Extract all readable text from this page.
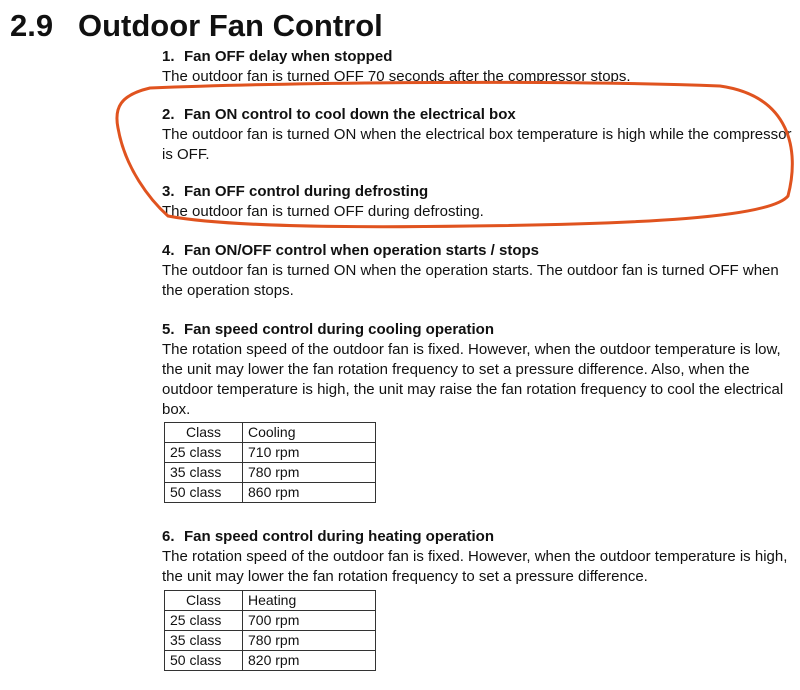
2.9 Outdoor Fan Control

1. Fan OFF delay when stopped

The outdoor fan is turned OFF 70 seconds after the compressor stops.

2. Fan ON control to cool down the electrical box

The outdoor fan is turned ON when the electrical box temperature is high while the compressor is OFF.

3. Fan OFF control during defrosting

The outdoor fan is turned OFF during defrosting.

4. Fan ON/OFF control when operation starts / stops

The outdoor fan is turned ON when the operation starts. The outdoor fan is turned OFF when the operation stops.

5. Fan speed control during cooling operation

The rotation speed of the outdoor fan is fixed. However, when the outdoor temperature is low, the unit may lower the fan rotation frequency to set a pressure difference. Also, when the outdoor temperature is high, the unit may raise the fan rotation frequency to cool the electrical box.

Class	Cooling
25 class	710 rpm
35 class	780 rpm
50 class	860 rpm

6. Fan speed control during heating operation

The rotation speed of the outdoor fan is fixed. However, when the outdoor temperature is high, the unit may lower the fan rotation frequency to set a pressure difference.

Class	Heating
25 class	700 rpm
35 class	780 rpm
50 class	820 rpm
